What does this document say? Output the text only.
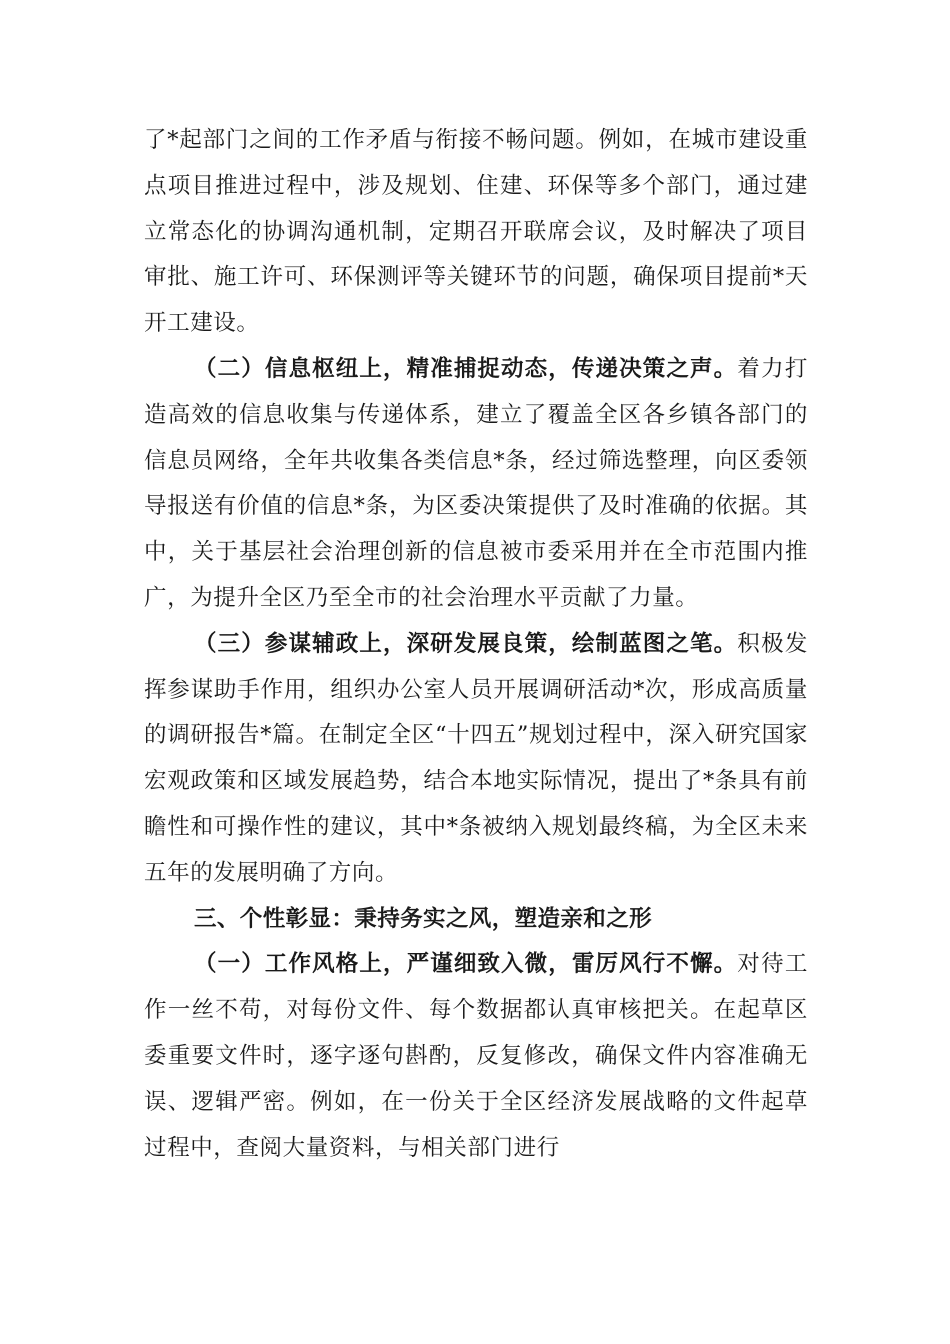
了*起部门之间的工作矛盾与衔接不畅问题。例如，在城市建设重点项目推进过程中，涉及规划、住建、环保等多个部门，通过建立常态化的协调沟通机制，定期召开联席会议，及时解决了项目审批、施工许可、环保测评等关键环节的问题，确保项目提前*天开工建设。

（二）信息枢纽上，精准捕捉动态，传递决策之声。着力打造高效的信息收集与传递体系，建立了覆盖全区各乡镇各部门的信息员网络，全年共收集各类信息*条，经过筛选整理，向区委领导报送有价值的信息*条，为区委决策提供了及时准确的依据。其中，关于基层社会治理创新的信息被市委采用并在全市范围内推广，为提升全区乃至全市的社会治理水平贡献了力量。

（三）参谋辅政上，深研发展良策，绘制蓝图之笔。积极发挥参谋助手作用，组织办公室人员开展调研活动*次，形成高质量的调研报告*篇。在制定全区“十四五”规划过程中，深入研究国家宏观政策和区域发展趋势，结合本地实际情况，提出了*条具有前瞻性和可操作性的建议，其中*条被纳入规划最终稿，为全区未来五年的发展明确了方向。

三、个性彰显：秉持务实之风，塑造亲和之形

（一）工作风格上，严谨细致入微，雷厉风行不懈。对待工作一丝不苟，对每份文件、每个数据都认真审核把关。在起草区委重要文件时，逐字逐句斟酌，反复修改，确保文件内容准确无误、逻辑严密。例如，在一份关于全区经济发展战略的文件起草过程中，查阅大量资料，与相关部门进行
